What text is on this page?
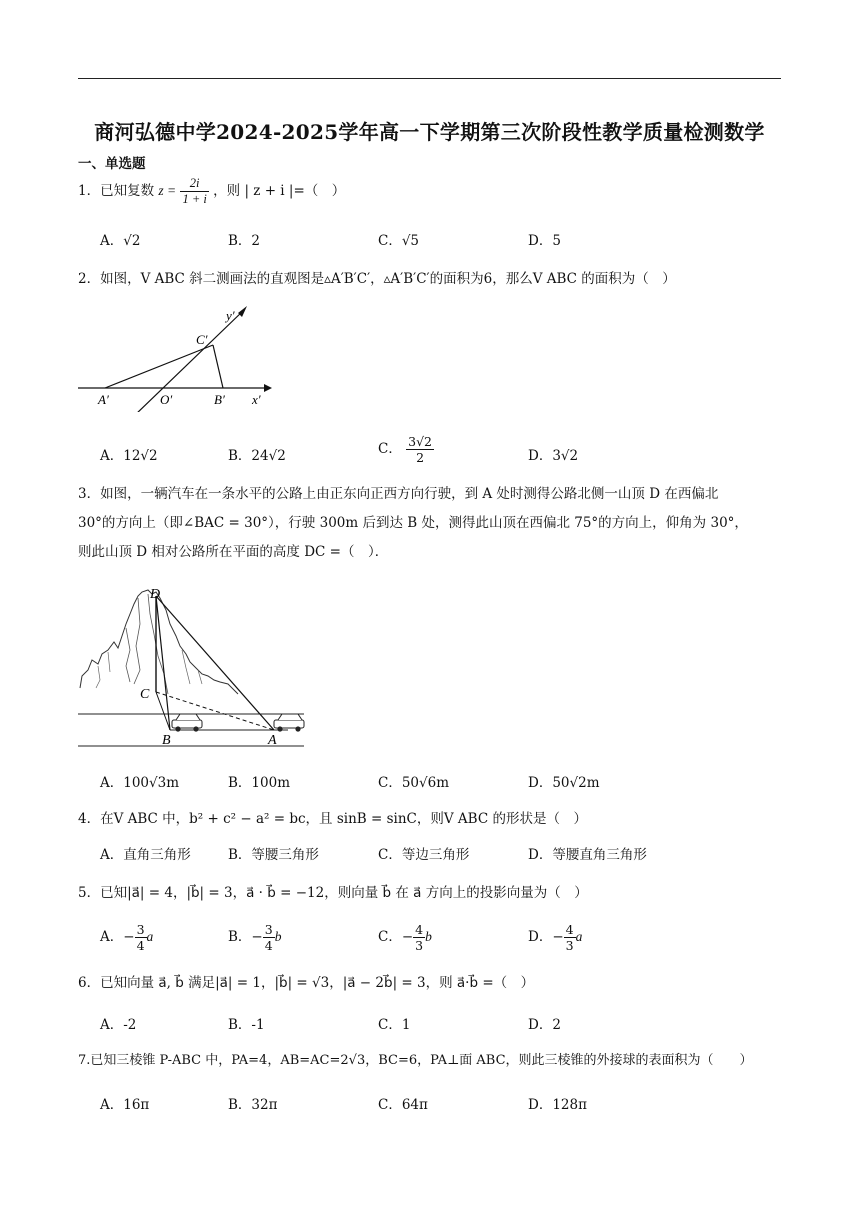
商河弘德中学2024-2025学年高一下学期第三次阶段性教学质量检测数学
一、单选题
1．已知复数 $z = \frac{2i}{1 + i}$ ，则 | z + i |=（　）
A．√2	B．2	C．√5	D．5
2．如图，V ABC 斜二测画法的直观图是▵A′B′C′，▵A′B′C′的面积为6，那么V ABC 的面积为（　）
y′
C′
A′	O′	B′ x′
A．12√2	B．24√2	C． $\frac{3√2}{2}$	D．3√2
3．如图，一辆汽车在一条水平的公路上由正东向正西方向行驶，到 A 处时测得公路北侧一山顶 D 在西偏北
30°的方向上（即∠BAC = 30°），行驶 300m 后到达 B 处，测得此山顶在西偏北 75°的方向上，仰角为 30°，
则此山顶 D 相对公路所在平面的高度 DC =（　）．
D
C
B	A
A．100√3m	B．100m	C．50√6m	D．50√2m
4．在V ABC 中，b² + c² − a² = bc，且 sinB = sinC，则V ABC 的形状是（　）
A．直角三角形	B．等腰三角形	C．等边三角形	D．等腰直角三角形
5．已知|a⃗| = 4，|b⃗| = 3，a⃗ · b⃗ = −12，则向量 b⃗ 在 a⃗ 方向上的投影向量为（　）
A．− $\frac{3}{4}$ a⃗	B．− $\frac{3}{4}$ b⃗	C．− $\frac{4}{3}$ b⃗	D．− $\frac{4}{3}$ a⃗
6．已知向量 a⃗, b⃗ 满足|a⃗| = 1，|b⃗| = √3，|a⃗ − 2b⃗| = 3，则 a⃗·b⃗ =（　）
A．-2	B．-1	C．1	D．2
7.已知三棱锥 P-ABC 中，PA=4，AB=AC=2√3，BC=6，PA⊥面 ABC，则此三棱锥的外接球的表面积为（　　）
A．16π	B．32π	C．64π	D．128π
